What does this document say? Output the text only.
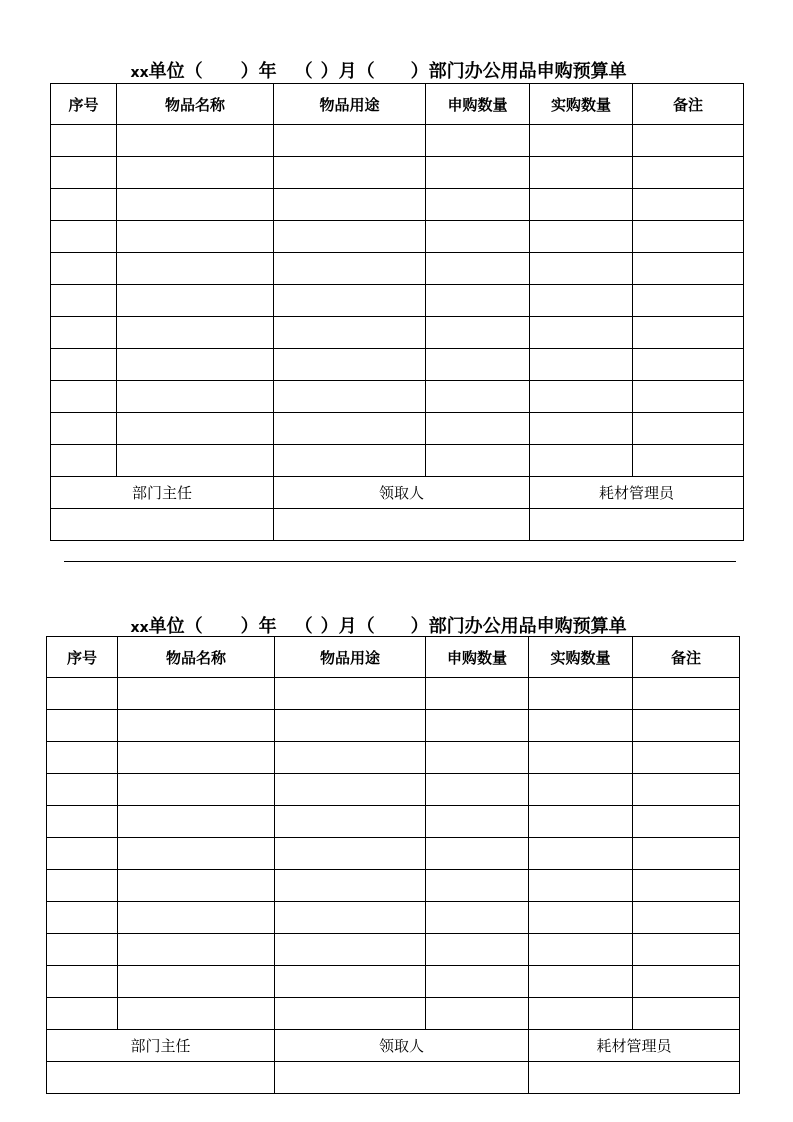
xx单位（ ）年 （ ）月（ ）部门办公用品申购预算单

序号	物品名称	物品用途	申购数量	实购数量	备注

部门主任		领取人		耗材管理员	

xx单位（ ）年 （ ）月（ ）部门办公用品申购预算单

序号	物品名称	物品用途	申购数量	实购数量	备注

部门主任		领取人		耗材管理员	
